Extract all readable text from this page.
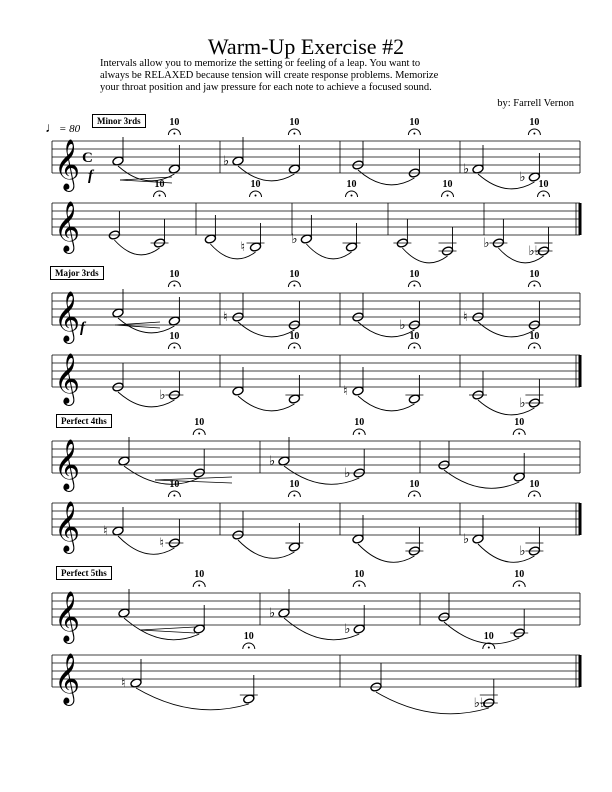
Warm-Up Exercise #2
Intervals allow you to memorize the setting or feeling of a leap. You want to
always be RELAXED because tension will create response problems. Memorize
your throat position and jaw pressure for each note to achieve a focused sound.
by: Farrell Vernon
♩= 80
Minor 3rds
Major 3rds
Perfect 4ths
Perfect 5ths
f
f
𝄞 C
10
♭
10	10
♭
♭
10
𝄞
10
♮
10
♭
10	10
♭
♭♭
10
𝄞
10
♮
10
♭
10
♮
10
𝄞	♭
10	10
♮
10
♭
10
𝄞
10
♭
♭
10	10
𝄞 ♮
♮
10	10	10
♭
♭
10
𝄞
10
♭
♭
10	10
𝄞	♮
10
♭♭
10
